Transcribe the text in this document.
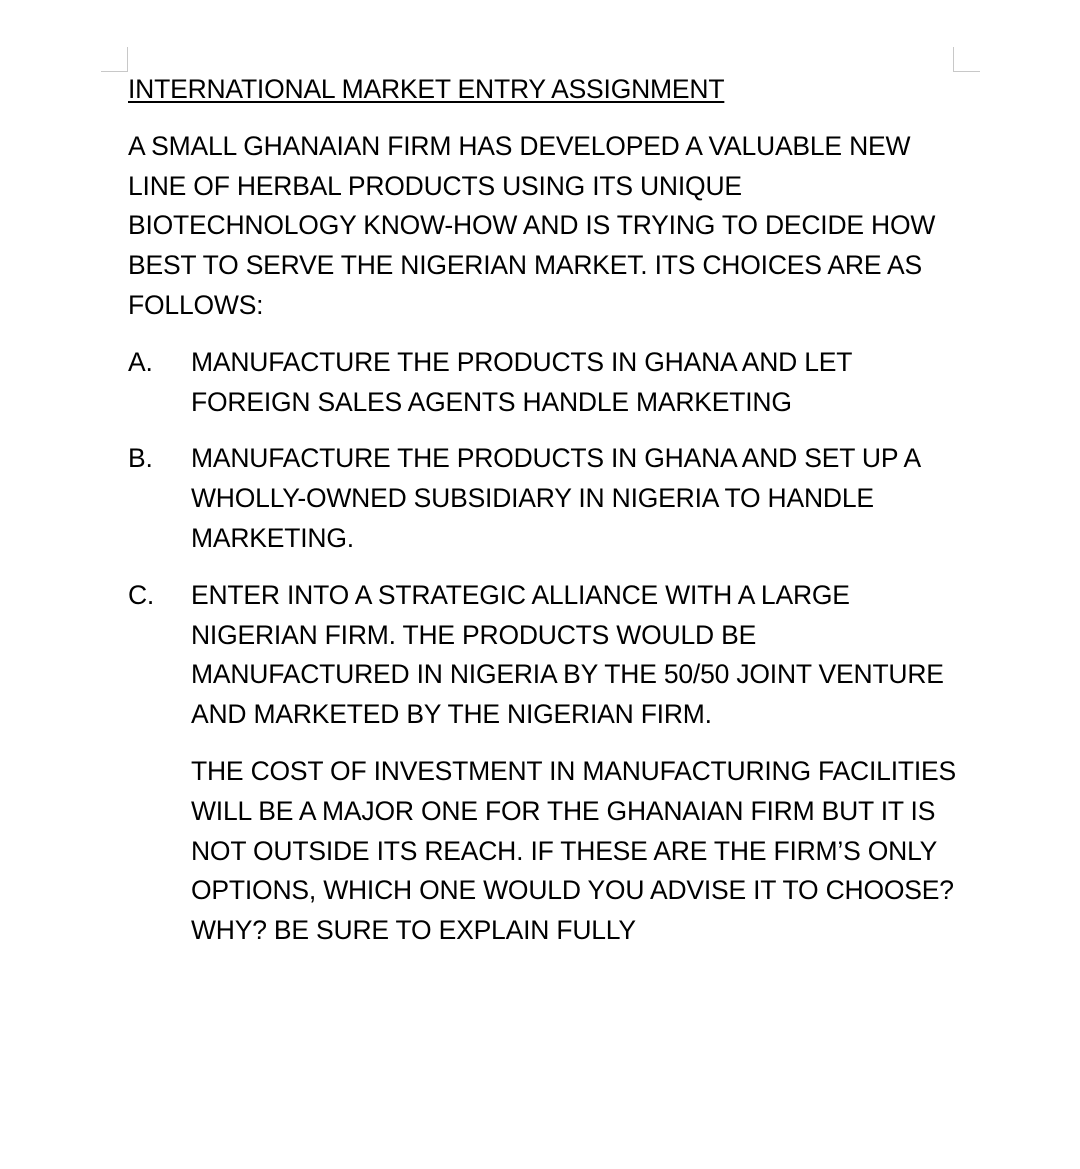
INTERNATIONAL MARKET ENTRY ASSIGNMENT

A SMALL GHANAIAN FIRM HAS DEVELOPED A VALUABLE NEW LINE OF HERBAL PRODUCTS USING ITS UNIQUE BIOTECHNOLOGY KNOW-HOW AND IS TRYING TO DECIDE HOW BEST TO SERVE THE NIGERIAN MARKET. ITS CHOICES ARE AS FOLLOWS:

A.	MANUFACTURE THE PRODUCTS IN GHANA AND LET FOREIGN SALES AGENTS HANDLE MARKETING
B.	MANUFACTURE THE PRODUCTS IN GHANA AND SET UP A WHOLLY-OWNED SUBSIDIARY IN NIGERIA TO HANDLE MARKETING.
C.	ENTER INTO A STRATEGIC ALLIANCE WITH A LARGE NIGERIAN FIRM. THE PRODUCTS WOULD BE MANUFACTURED IN NIGERIA BY THE 50/50 JOINT VENTURE AND MARKETED BY THE NIGERIAN FIRM.

THE COST OF INVESTMENT IN MANUFACTURING FACILITIES WILL BE A MAJOR ONE FOR THE GHANAIAN FIRM BUT IT IS NOT OUTSIDE ITS REACH. IF THESE ARE THE FIRM’S ONLY OPTIONS, WHICH ONE WOULD YOU ADVISE IT TO CHOOSE? WHY? BE SURE TO EXPLAIN FULLY
